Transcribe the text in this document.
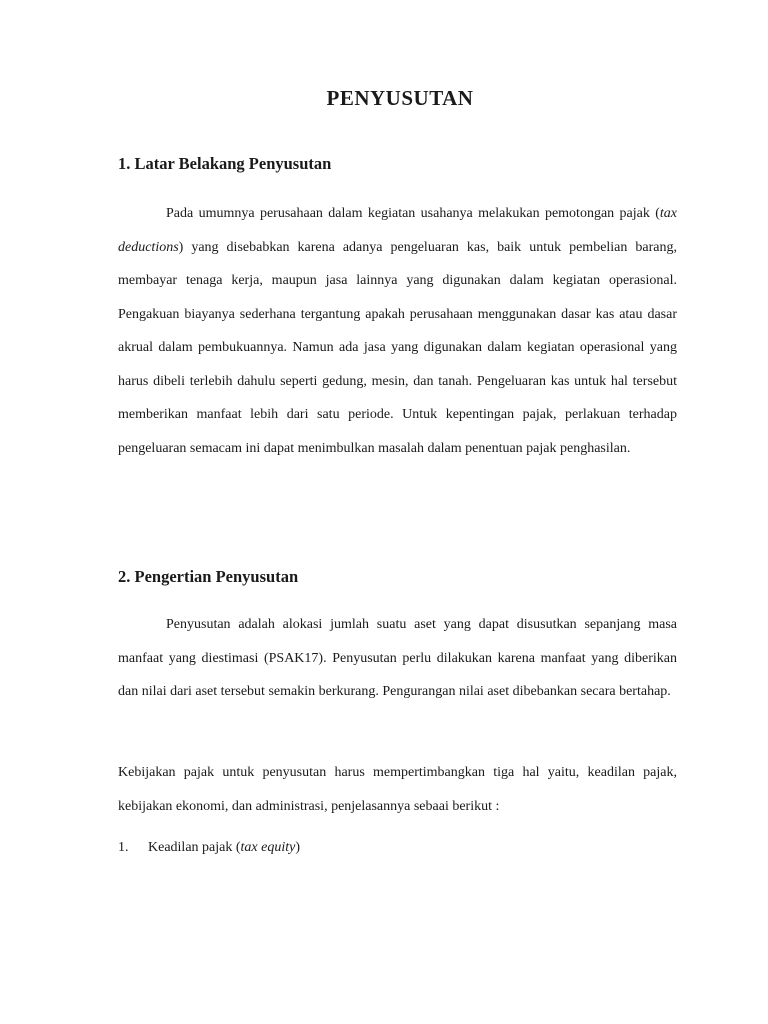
PENYUSUTAN
1. Latar Belakang Penyusutan

Pada umumnya perusahaan dalam kegiatan usahanya melakukan pemotongan pajak (tax deductions) yang disebabkan karena adanya pengeluaran kas, baik untuk pembelian barang, membayar tenaga kerja, maupun jasa lainnya yang digunakan dalam kegiatan operasional. Pengakuan biayanya sederhana tergantung apakah perusahaan menggunakan dasar kas atau dasar akrual dalam pembukuannya. Namun ada jasa yang digunakan dalam kegiatan operasional yang harus dibeli terlebih dahulu seperti gedung, mesin, dan tanah. Pengeluaran kas untuk hal tersebut memberikan manfaat lebih dari satu periode. Untuk kepentingan pajak, perlakuan terhadap pengeluaran semacam ini dapat menimbulkan masalah dalam penentuan pajak penghasilan.

2. Pengertian Penyusutan

Penyusutan adalah alokasi jumlah suatu aset yang dapat disusutkan sepanjang masa manfaat yang diestimasi (PSAK17). Penyusutan perlu dilakukan karena manfaat yang diberikan dan nilai dari aset tersebut semakin berkurang. Pengurangan nilai aset dibebankan secara bertahap.

Kebijakan pajak untuk penyusutan harus mempertimbangkan tiga hal yaitu, keadilan pajak, kebijakan ekonomi, dan administrasi, penjelasannya sebaai berikut :

1. Keadilan pajak (tax equity)
